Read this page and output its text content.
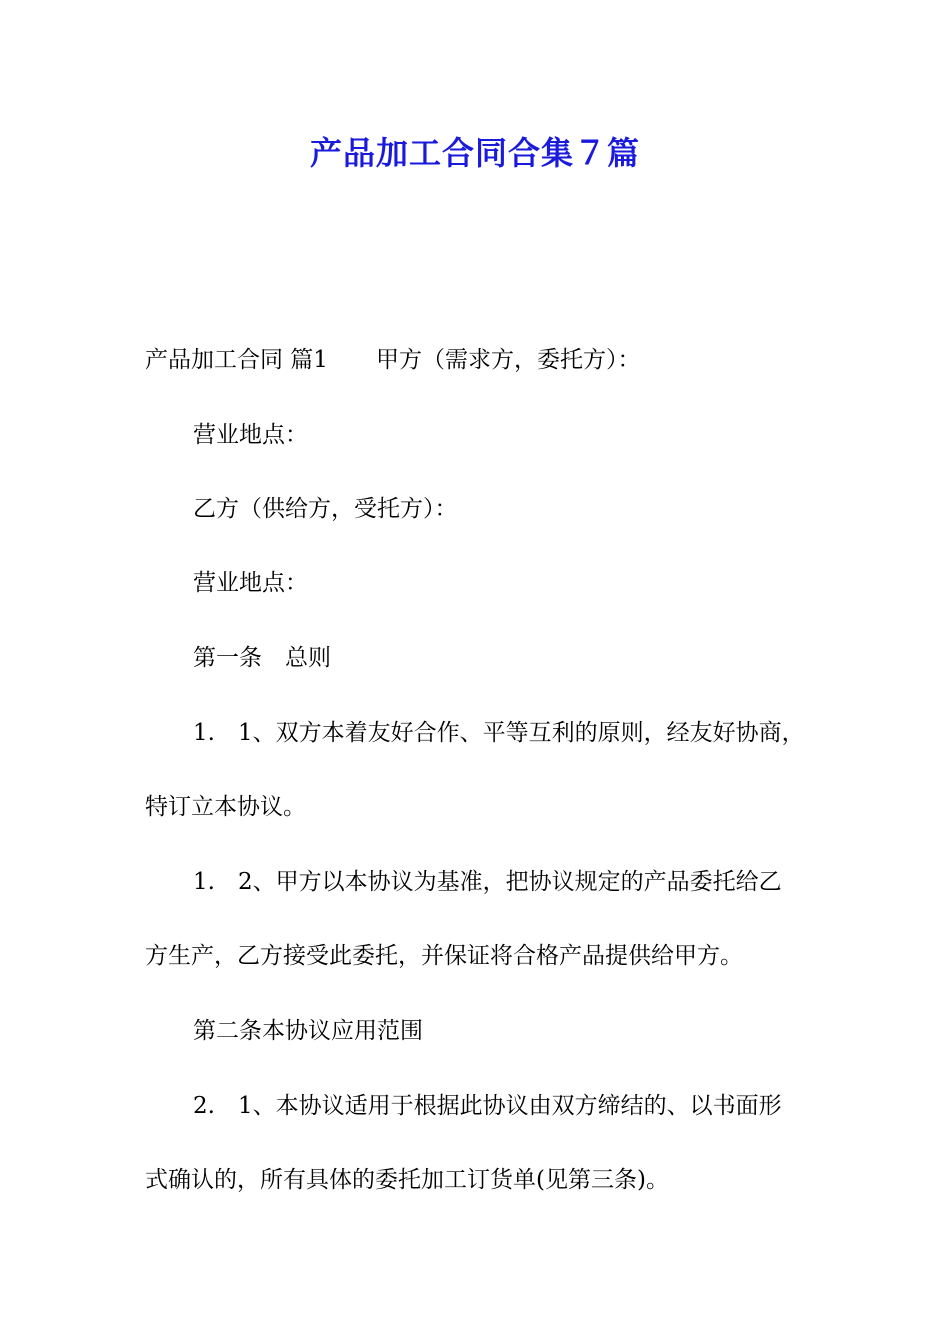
产品加工合同合集７篇
产品加工合同 篇1 甲方（需求方，委托方）：
营业地点：
乙方（供给方，受托方）：
营业地点：
第一条　总则
1.　1、双方本着友好合作、平等互利的原则，经友好协商，
特订立本协议。
1.　2、甲方以本协议为基准，把协议规定的产品委托给乙
方生产，乙方接受此委托，并保证将合格产品提供给甲方。
第二条本协议应用范围
2.　1、本协议适用于根据此协议由双方缔结的、以书面形
式确认的，所有具体的委托加工订货单(见第三条)。
